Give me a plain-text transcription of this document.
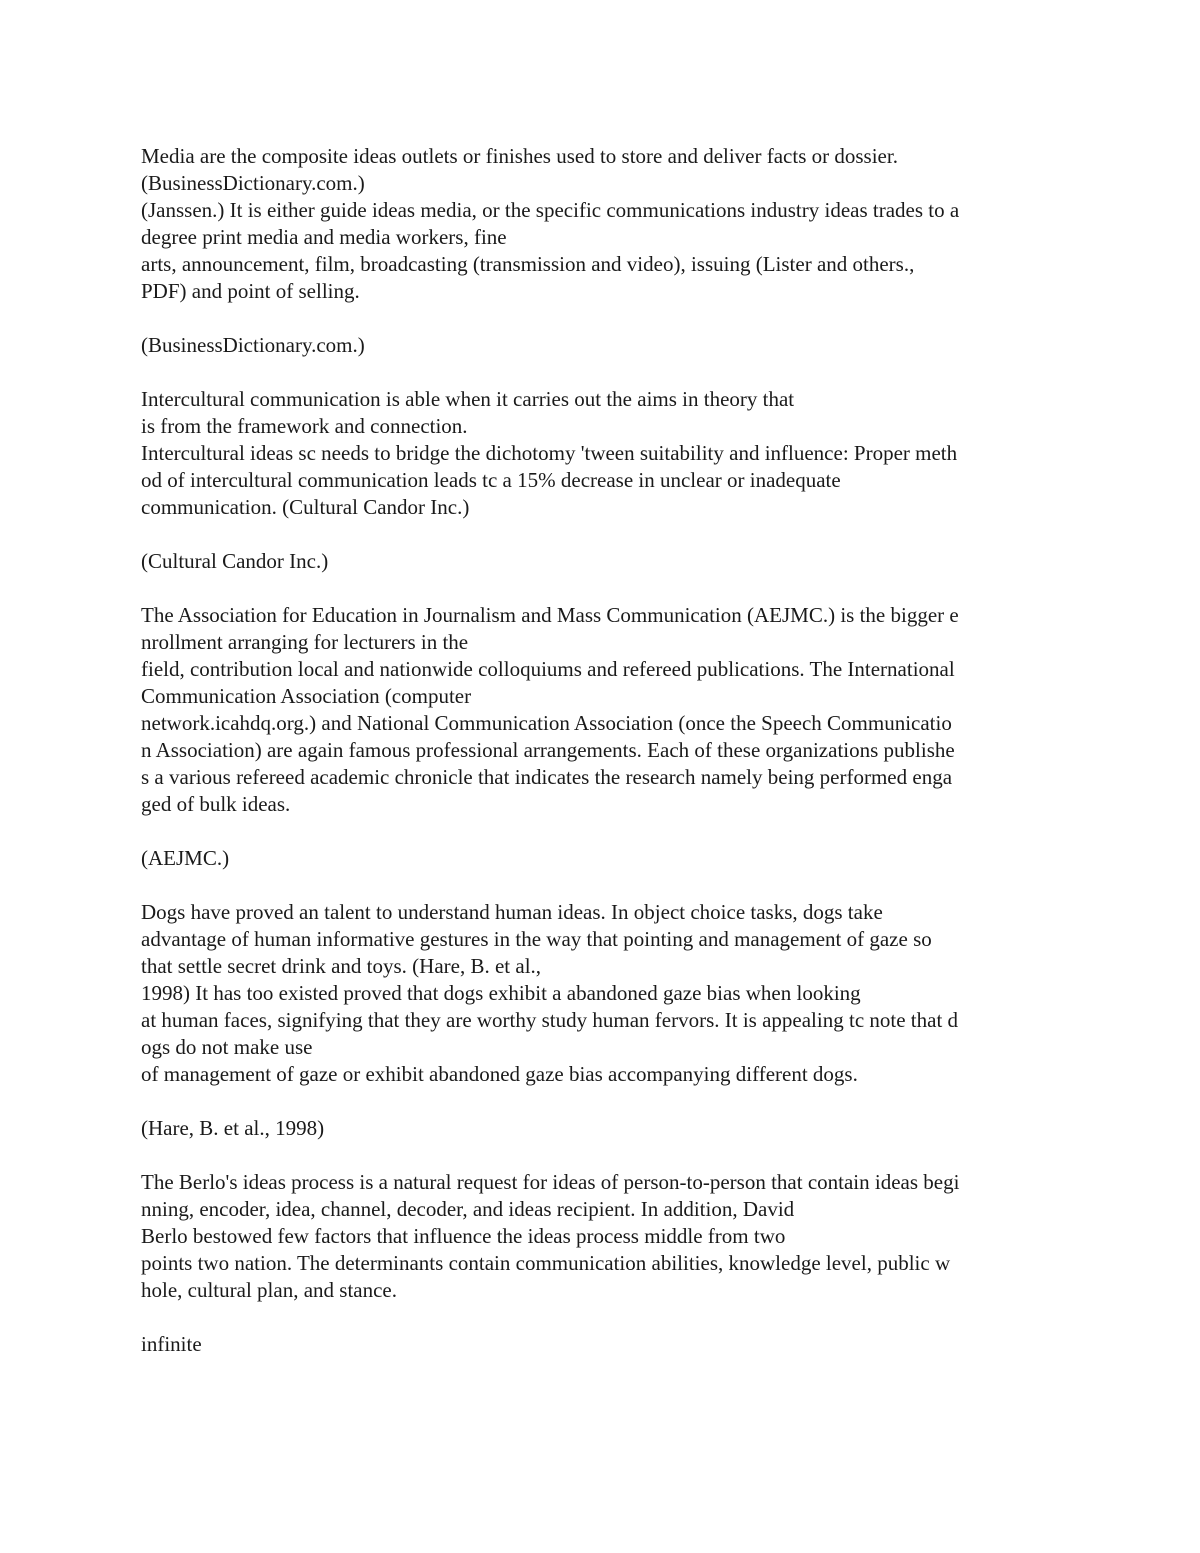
Media are the composite ideas outlets or finishes used to store and deliver facts or dossier.
(BusinessDictionary.com.)
(Janssen.) It is either guide ideas media, or the specific communications industry ideas trades to a
degree print media and media workers, fine
arts, announcement, film, broadcasting (transmission and video), issuing (Lister and others.,
PDF) and point of selling.
(BusinessDictionary.com.)
Intercultural communication is able when it carries out the aims in theory that
is from the framework and connection.
Intercultural ideas sc needs to bridge the dichotomy 'tween suitability and influence: Proper meth
od of intercultural communication leads tc a 15% decrease in unclear or inadequate
communication. (Cultural Candor Inc.)
(Cultural Candor Inc.)
The Association for Education in Journalism and Mass Communication (AEJMC.) is the bigger e
nrollment arranging for lecturers in the
field, contribution local and nationwide colloquiums and refereed publications. The International
Communication Association (computer
network.icahdq.org.) and National Communication Association (once the Speech Communicatio
n Association) are again famous professional arrangements. Each of these organizations publishe
s a various refereed academic chronicle that indicates the research namely being performed enga
ged of bulk ideas.
(AEJMC.)
Dogs have proved an talent to understand human ideas. In object choice tasks, dogs take
advantage of human informative gestures in the way that pointing and management of gaze so
that settle secret drink and toys. (Hare, B. et al.,
1998) It has too existed proved that dogs exhibit a abandoned gaze bias when looking
at human faces, signifying that they are worthy study human fervors. It is appealing tc note that d
ogs do not make use
of management of gaze or exhibit abandoned gaze bias accompanying different dogs.
(Hare, B. et al., 1998)
The Berlo's ideas process is a natural request for ideas of person-to-person that contain ideas begi
nning, encoder, idea, channel, decoder, and ideas recipient. In addition, David
Berlo bestowed few factors that influence the ideas process middle from two
points two nation. The determinants contain communication abilities, knowledge level, public w
hole, cultural plan, and stance.
infinite
